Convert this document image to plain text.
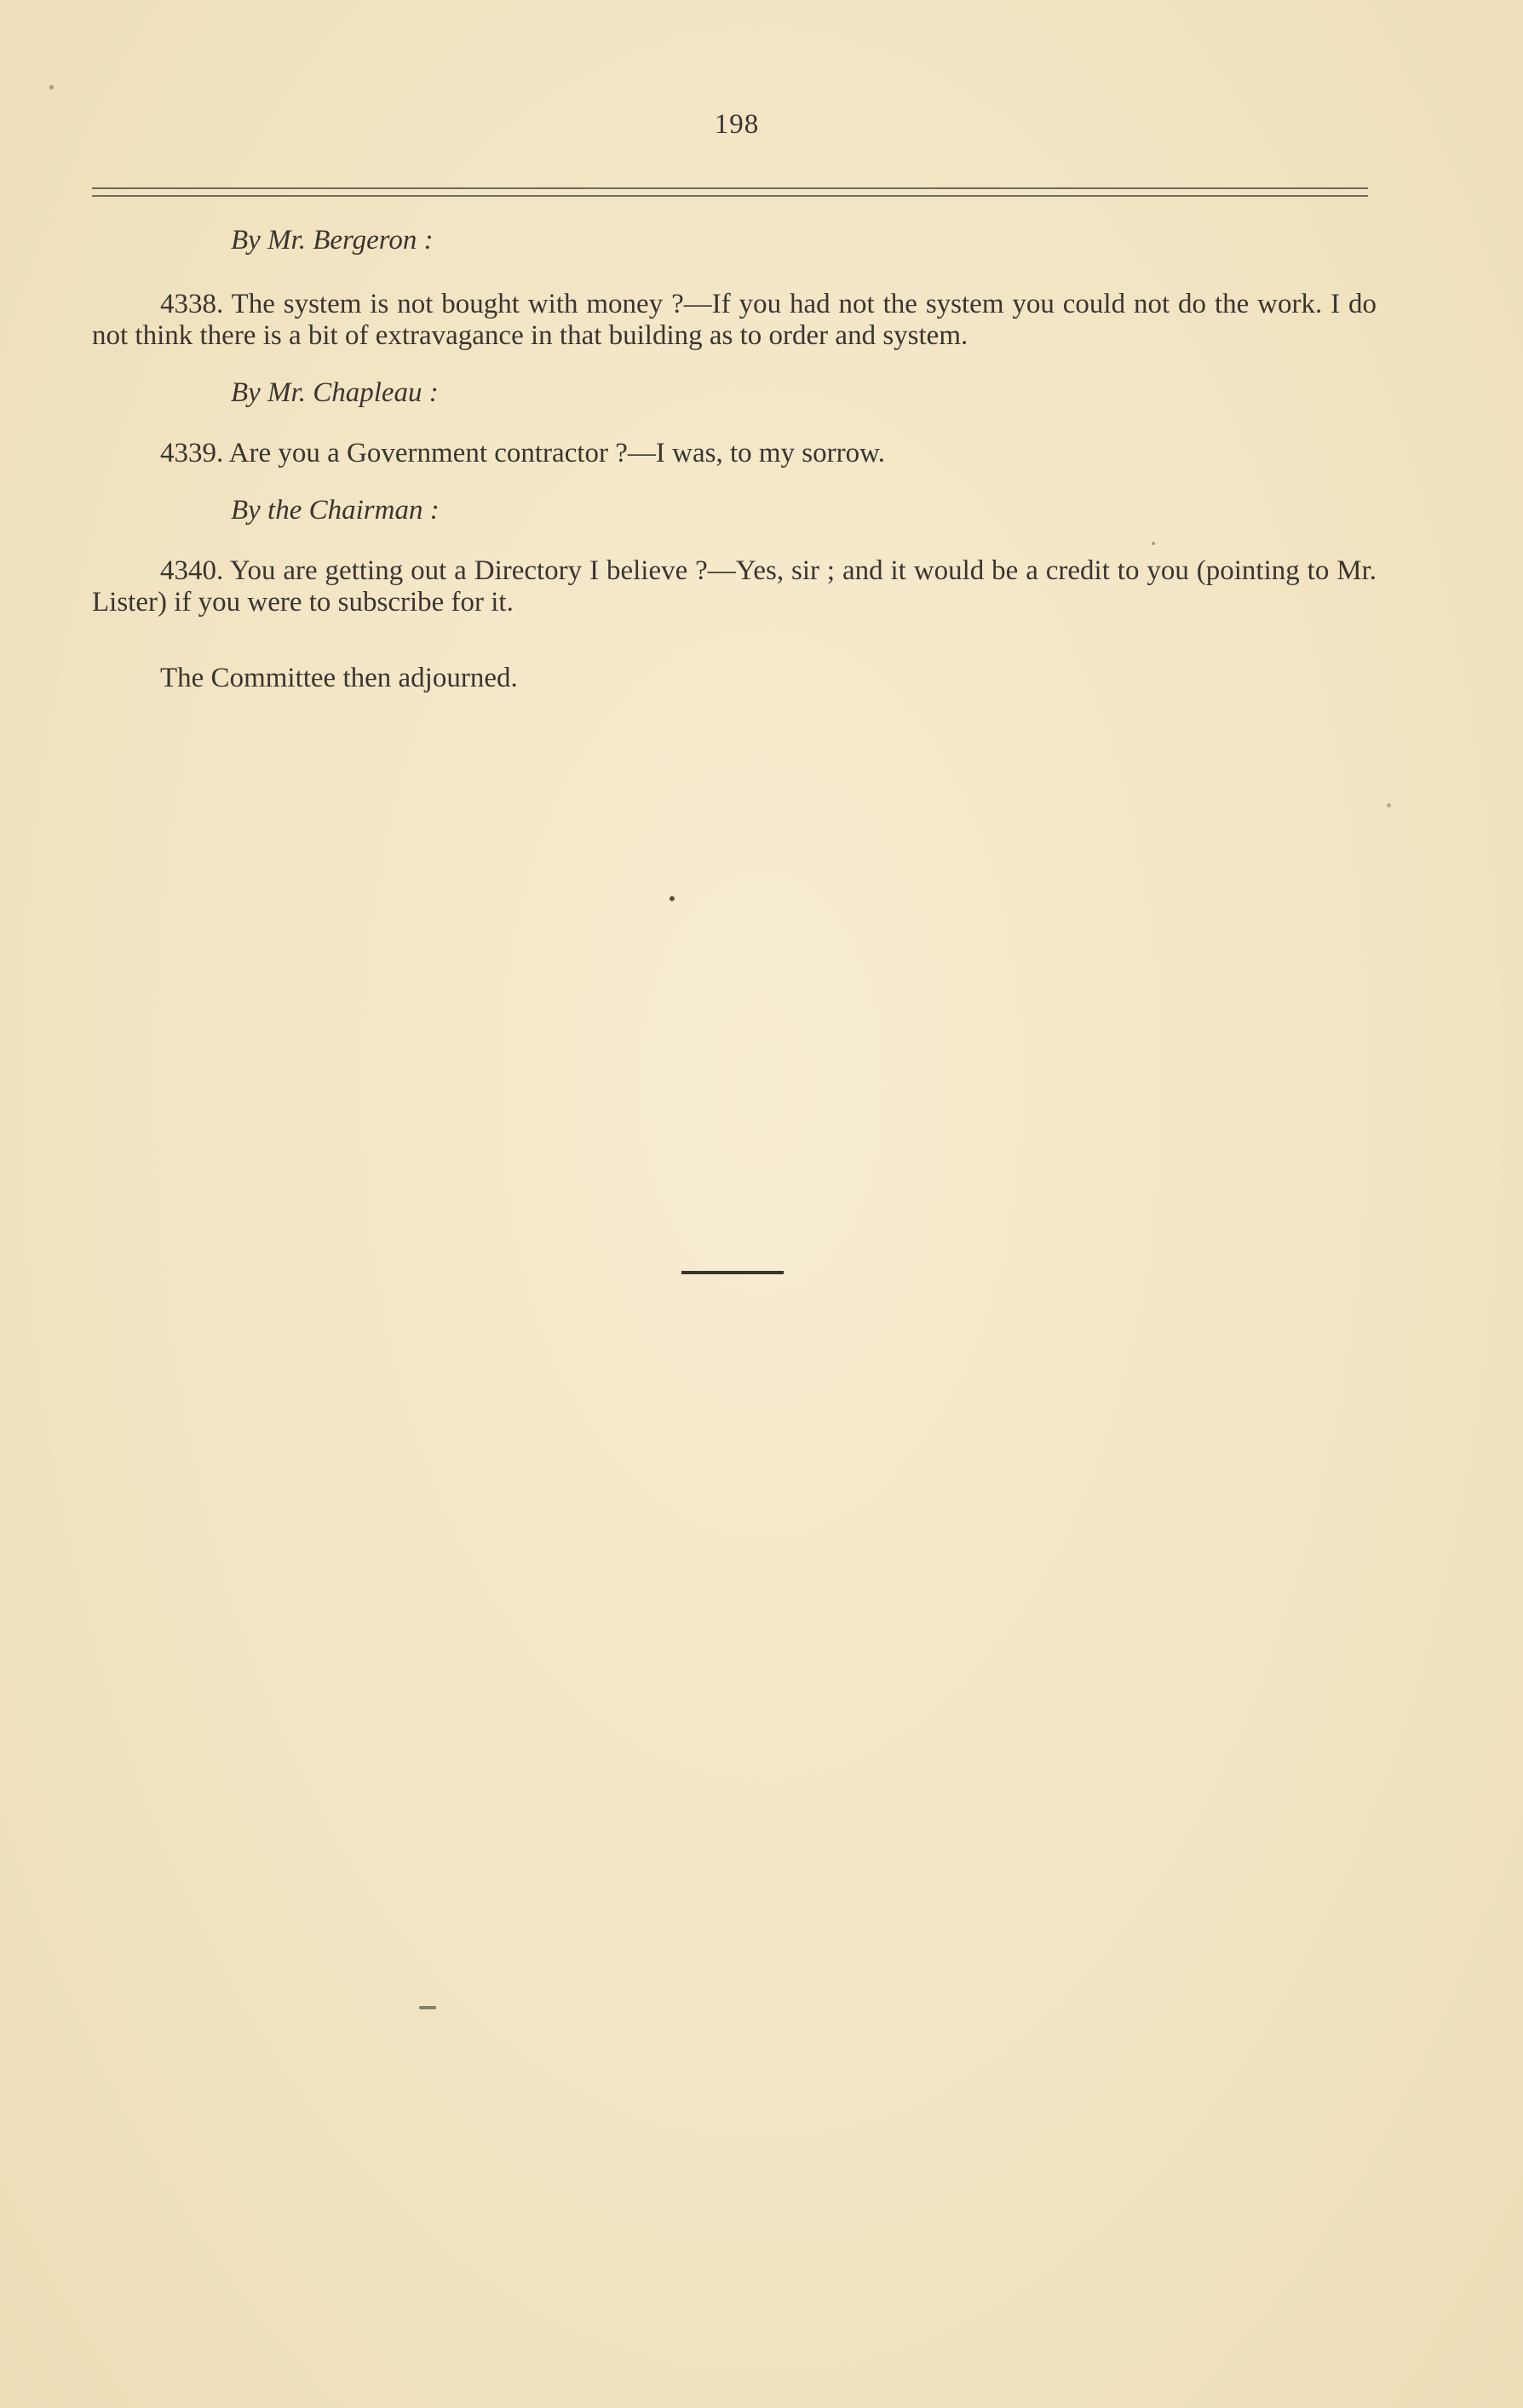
198
By Mr. Bergeron :

4338. The system is not bought with money ?—If you had not the system you could not do the work. I do not think there is a bit of extravagance in that building as to order and system.

By Mr. Chapleau :

4339. Are you a Government contractor ?—I was, to my sorrow.

By the Chairman :

4340. You are getting out a Directory I believe ?—Yes, sir ; and it would be a credit to you (pointing to Mr. Lister) if you were to subscribe for it.

The Committee then adjourned.
